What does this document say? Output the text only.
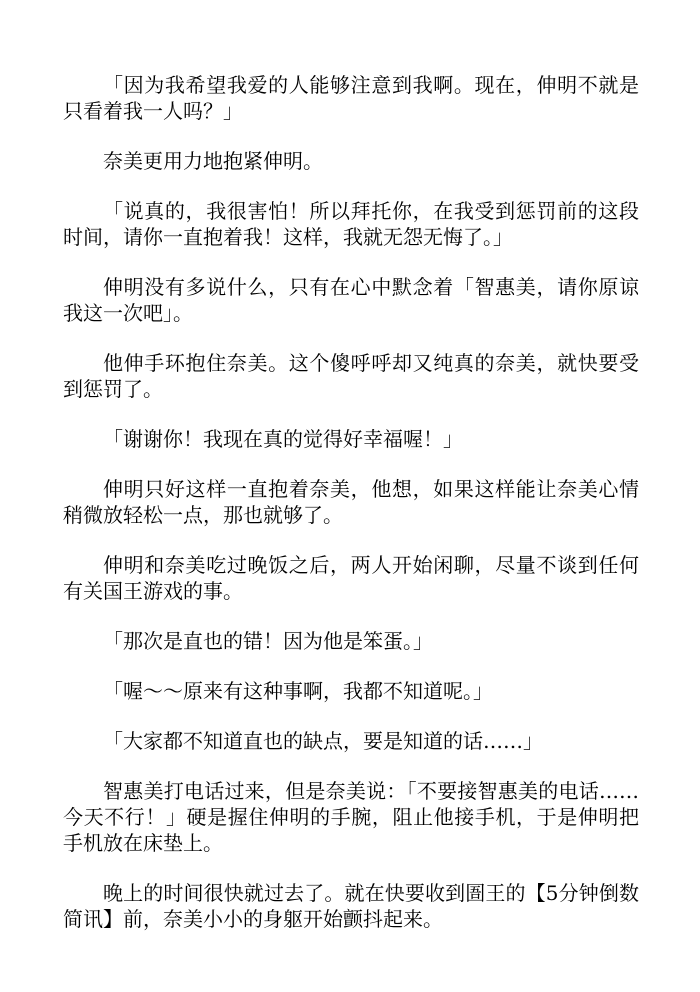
「因为我希望我爱的人能够注意到我啊。现在，伸明不就是只看着我一人吗？」

奈美更用力地抱紧伸明。

「说真的，我很害怕！所以拜托你，在我受到惩罚前的这段时间，请你一直抱着我！这样，我就无怨无悔了。」

伸明没有多说什么，只有在心中默念着「智惠美，请你原谅我这一次吧」。

他伸手环抱住奈美。这个傻呼呼却又纯真的奈美，就快要受到惩罚了。

「谢谢你！我现在真的觉得好幸福喔！」

伸明只好这样一直抱着奈美，他想，如果这样能让奈美心情稍微放轻松一点，那也就够了。

伸明和奈美吃过晚饭之后，两人开始闲聊，尽量不谈到任何有关国王游戏的事。

「那次是直也的错！因为他是笨蛋。」

「喔～～原来有这种事啊，我都不知道呢。」

「大家都不知道直也的缺点，要是知道的话……」

智惠美打电话过来，但是奈美说：「不要接智惠美的电话……今天不行！」硬是握住伸明的手腕，阻止他接手机，于是伸明把手机放在床垫上。

晚上的时间很快就过去了。就在快要收到圄王的【5分钟倒数简讯】前，奈美小小的身躯开始颤抖起来。
